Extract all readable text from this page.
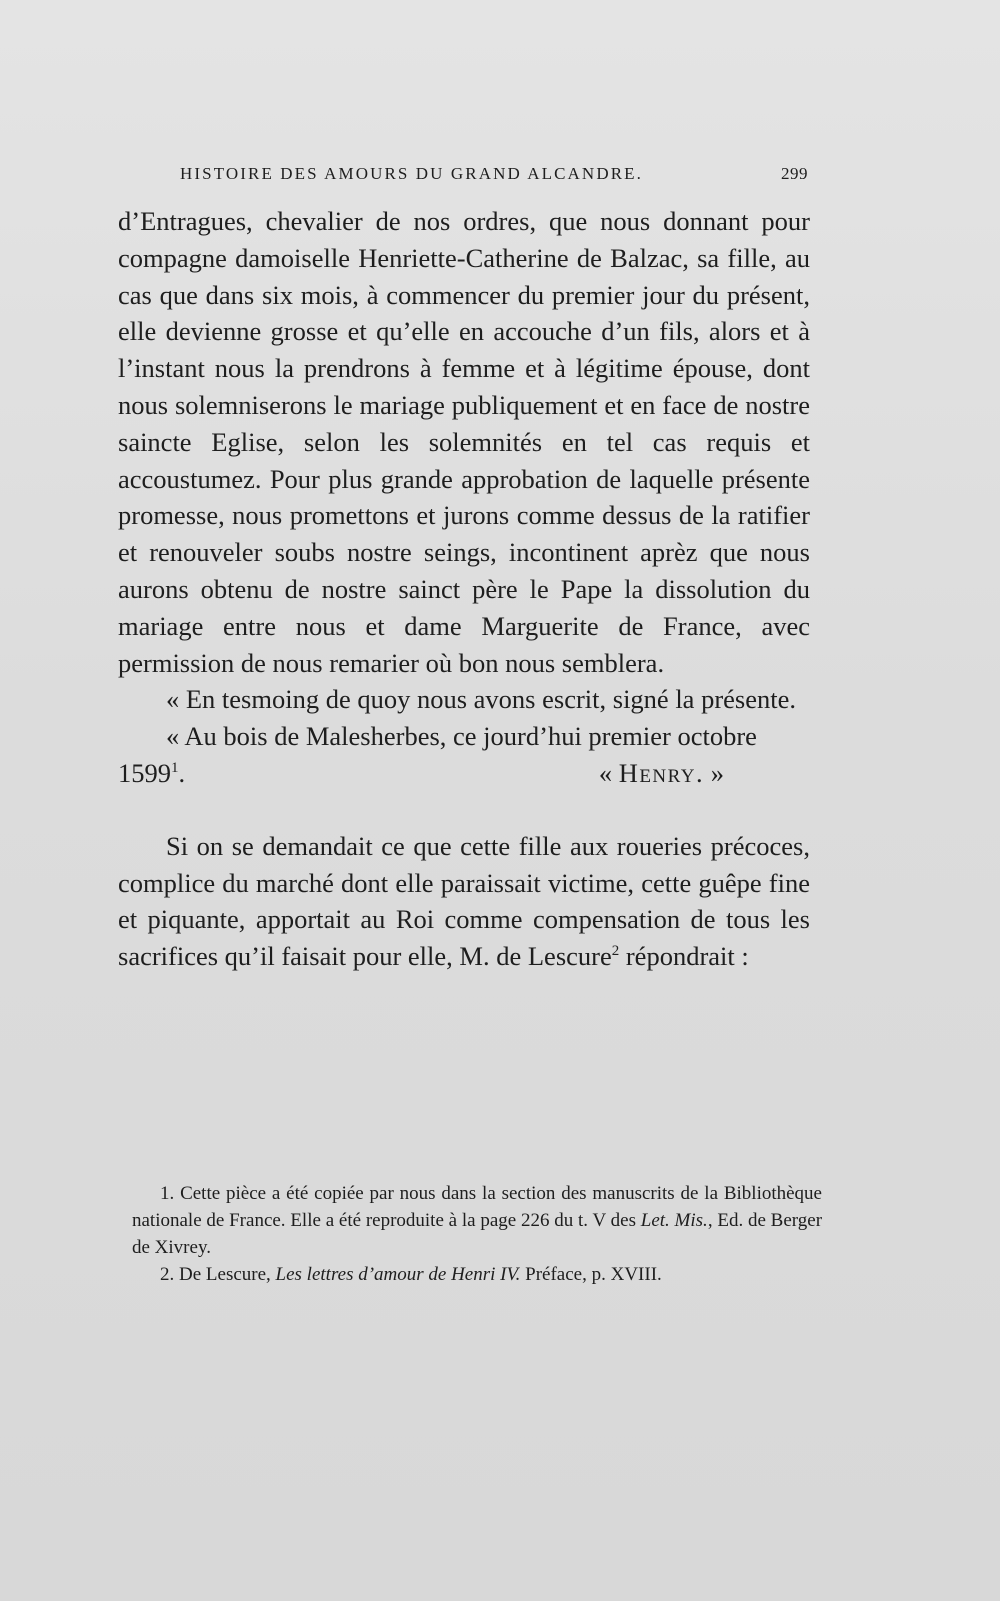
HISTOIRE DES AMOURS DU GRAND ALCANDRE.	299

d’Entragues, chevalier de nos ordres, que nous donnant pour compagne damoiselle Henriette-Catherine de Balzac, sa fille, au cas que dans six mois, à commencer du premier jour du présent, elle devienne grosse et qu’elle en accouche d’un fils, alors et à l’instant nous la prendrons à femme et à légitime épouse, dont nous solemniserons le mariage publiquement et en face de nostre saincte Eglise, selon les solemnités en tel cas requis et accoustumez. Pour plus grande approbation de laquelle présente promesse, nous promettons et jurons comme dessus de la ratifier et renouveler soubs nostre seings, incontinent aprèz que nous aurons obtenu de nostre sainct père le Pape la dissolution du mariage entre nous et dame Marguerite de France, avec permission de nous remarier où bon nous semblera.

« En tesmoing de quoy nous avons escrit, signé la présente.

« Au bois de Malesherbes, ce jourd’hui premier octobre

1599$^1$.	« Henry. »

Si on se demandait ce que cette fille aux roueries précoces, complice du marché dont elle paraissait victime, cette guêpe fine et piquante, apportait au Roi comme compensation de tous les sacrifices qu’il faisait pour elle, M. de Lescure$^2$ répondrait :

1. Cette pièce a été copiée par nous dans la section des manuscrits de la Bibliothèque nationale de France. Elle a été reproduite à la page 226 du t. V des Let. Mis., Ed. de Berger de Xivrey.

2. De Lescure, Les lettres d’amour de Henri IV. Préface, p. XVIII.
